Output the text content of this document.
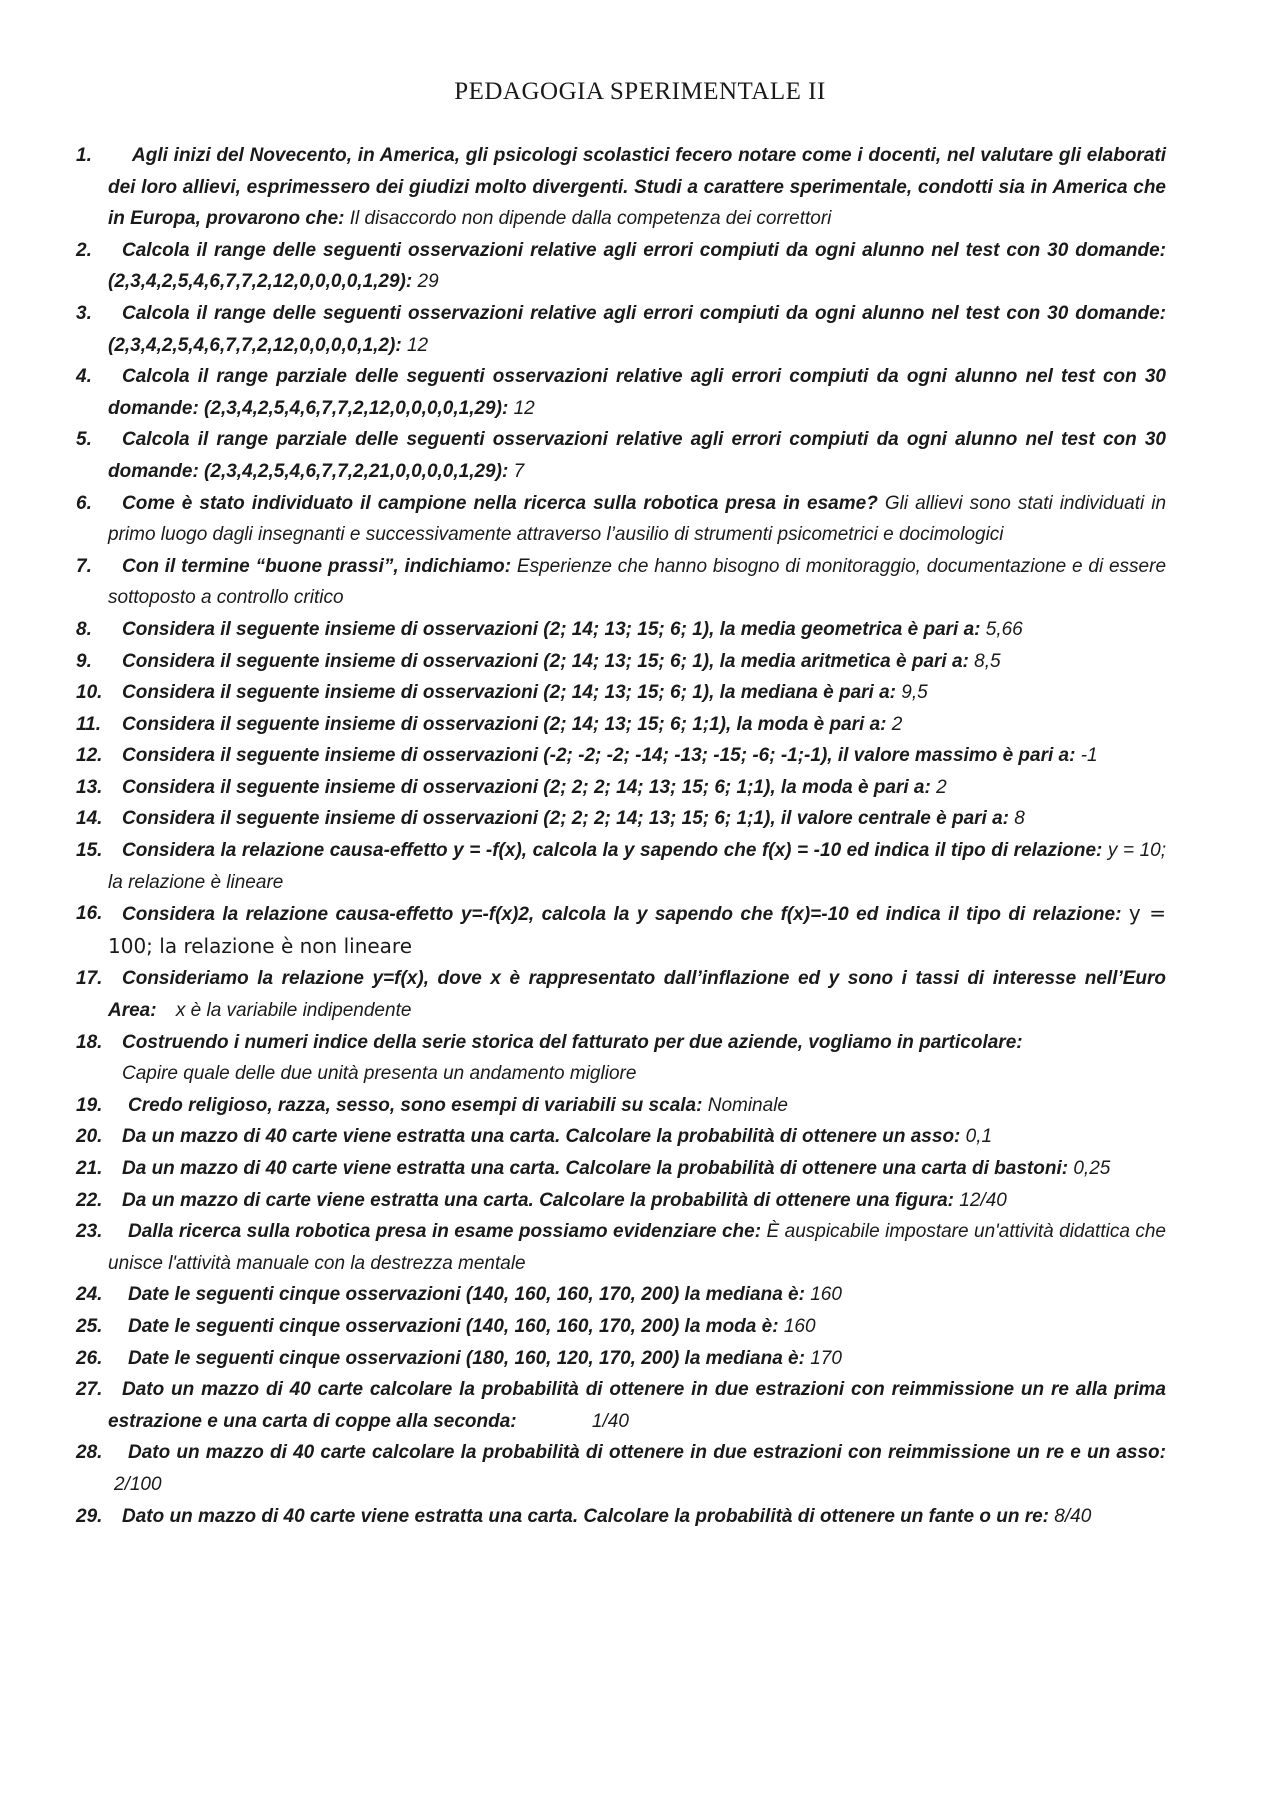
PEDAGOGIA SPERIMENTALE II
1. Agli inizi del Novecento, in America, gli psicologi scolastici fecero notare come i docenti, nel valutare gli elaborati dei loro allievi, esprimessero dei giudizi molto divergenti. Studi a carattere sperimentale, condotti sia in America che in Europa, provarono che: Il disaccordo non dipende dalla competenza dei correttori
2. Calcola il range delle seguenti osservazioni relative agli errori compiuti da ogni alunno nel test con 30 domande: (2,3,4,2,5,4,6,7,7,2,12,0,0,0,0,1,29): 29
3. Calcola il range delle seguenti osservazioni relative agli errori compiuti da ogni alunno nel test con 30 domande: (2,3,4,2,5,4,6,7,7,2,12,0,0,0,0,1,2): 12
4. Calcola il range parziale delle seguenti osservazioni relative agli errori compiuti da ogni alunno nel test con 30 domande: (2,3,4,2,5,4,6,7,7,2,12,0,0,0,0,1,29): 12
5. Calcola il range parziale delle seguenti osservazioni relative agli errori compiuti da ogni alunno nel test con 30 domande: (2,3,4,2,5,4,6,7,7,2,21,0,0,0,0,1,29): 7
6. Come è stato individuato il campione nella ricerca sulla robotica presa in esame? Gli allievi sono stati individuati in primo luogo dagli insegnanti e successivamente attraverso l’ausilio di strumenti psicometrici e docimologici
7. Con il termine “buone prassi”, indichiamo: Esperienze che hanno bisogno di monitoraggio, documentazione e di essere sottoposto a controllo critico
8. Considera il seguente insieme di osservazioni (2; 14; 13; 15; 6; 1), la media geometrica è pari a: 5,66
9. Considera il seguente insieme di osservazioni (2; 14; 13; 15; 6; 1), la media aritmetica è pari a: 8,5
10. Considera il seguente insieme di osservazioni (2; 14; 13; 15; 6; 1), la mediana è pari a: 9,5
11. Considera il seguente insieme di osservazioni (2; 14; 13; 15; 6; 1;1), la moda è pari a: 2
12. Considera il seguente insieme di osservazioni (-2; -2; -2; -14; -13; -15; -6; -1;-1), il valore massimo è pari a: -1
13. Considera il seguente insieme di osservazioni (2; 2; 2; 14; 13; 15; 6; 1;1), la moda è pari a: 2
14. Considera il seguente insieme di osservazioni (2; 2; 2; 14; 13; 15; 6; 1;1), il valore centrale è pari a: 8
15. Considera la relazione causa-effetto y = -f(x), calcola la y sapendo che f(x) = -10 ed indica il tipo di relazione: y = 10; la relazione è lineare
16. Considera la relazione causa-effetto y=-f(x)2, calcola la y sapendo che f(x)=-10 ed indica il tipo di relazione: y = 100; la relazione è non lineare
17. Consideriamo la relazione y=f(x), dove x è rappresentato dall’inflazione ed y sono i tassi di interesse nell’Euro Area: x è la variabile indipendente
18. Costruendo i numeri indice della serie storica del fatturato per due aziende, vogliamo in particolare:
Capire quale delle due unità presenta un andamento migliore
19. Credo religioso, razza, sesso, sono esempi di variabili su scala: Nominale
20. Da un mazzo di 40 carte viene estratta una carta. Calcolare la probabilità di ottenere un asso: 0,1
21. Da un mazzo di 40 carte viene estratta una carta. Calcolare la probabilità di ottenere una carta di bastoni: 0,25
22. Da un mazzo di carte viene estratta una carta. Calcolare la probabilità di ottenere una figura: 12/40
23. Dalla ricerca sulla robotica presa in esame possiamo evidenziare che: È auspicabile impostare un'attività didattica che unisce l'attività manuale con la destrezza mentale
24. Date le seguenti cinque osservazioni (140, 160, 160, 170, 200) la mediana è: 160
25. Date le seguenti cinque osservazioni (140, 160, 160, 170, 200) la moda è: 160
26. Date le seguenti cinque osservazioni (180, 160, 120, 170, 200) la mediana è: 170
27. Dato un mazzo di 40 carte calcolare la probabilità di ottenere in due estrazioni con reimmissione un re alla prima estrazione e una carta di coppe alla seconda:	1/40
28. Dato un mazzo di 40 carte calcolare la probabilità di ottenere in due estrazioni con reimmissione un re e un asso: 2/100
29. Dato un mazzo di 40 carte viene estratta una carta. Calcolare la probabilità di ottenere un fante o un re: 8/40
